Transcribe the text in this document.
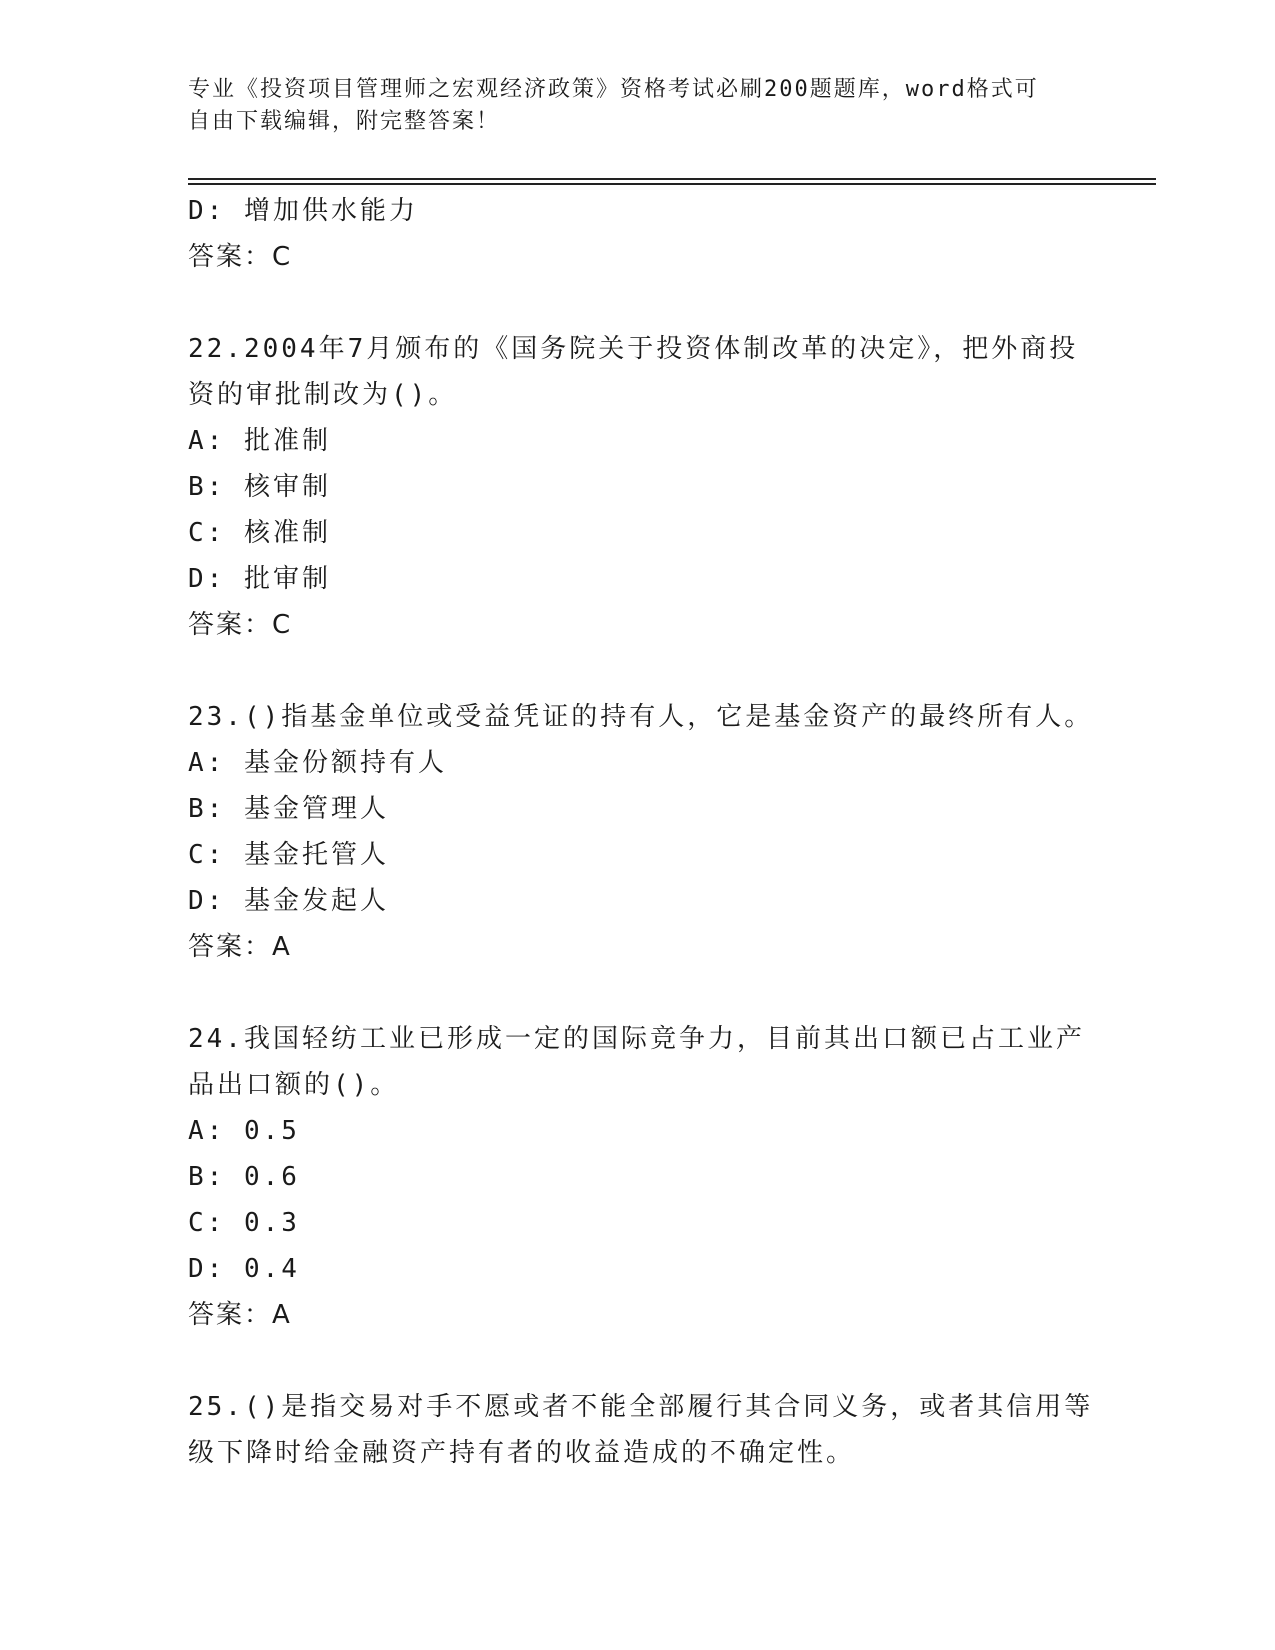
专业《投资项目管理师之宏观经济政策》资格考试必刷200题题库，word格式可
自由下载编辑，附完整答案！
D: 增加供水能力
答案：C
22.2004年7月颁布的《国务院关于投资体制改革的决定》，把外商投
资的审批制改为()。
A: 批准制
B: 核审制
C: 核准制
D: 批审制
答案：C
23.()指基金单位或受益凭证的持有人，它是基金资产的最终所有人。
A: 基金份额持有人
B: 基金管理人
C: 基金托管人
D: 基金发起人
答案：A
24.我国轻纺工业已形成一定的国际竞争力，目前其出口额已占工业产
品出口额的()。
A: 0.5
B: 0.6
C: 0.3
D: 0.4
答案：A
25.()是指交易对手不愿或者不能全部履行其合同义务，或者其信用等
级下降时给金融资产持有者的收益造成的不确定性。
